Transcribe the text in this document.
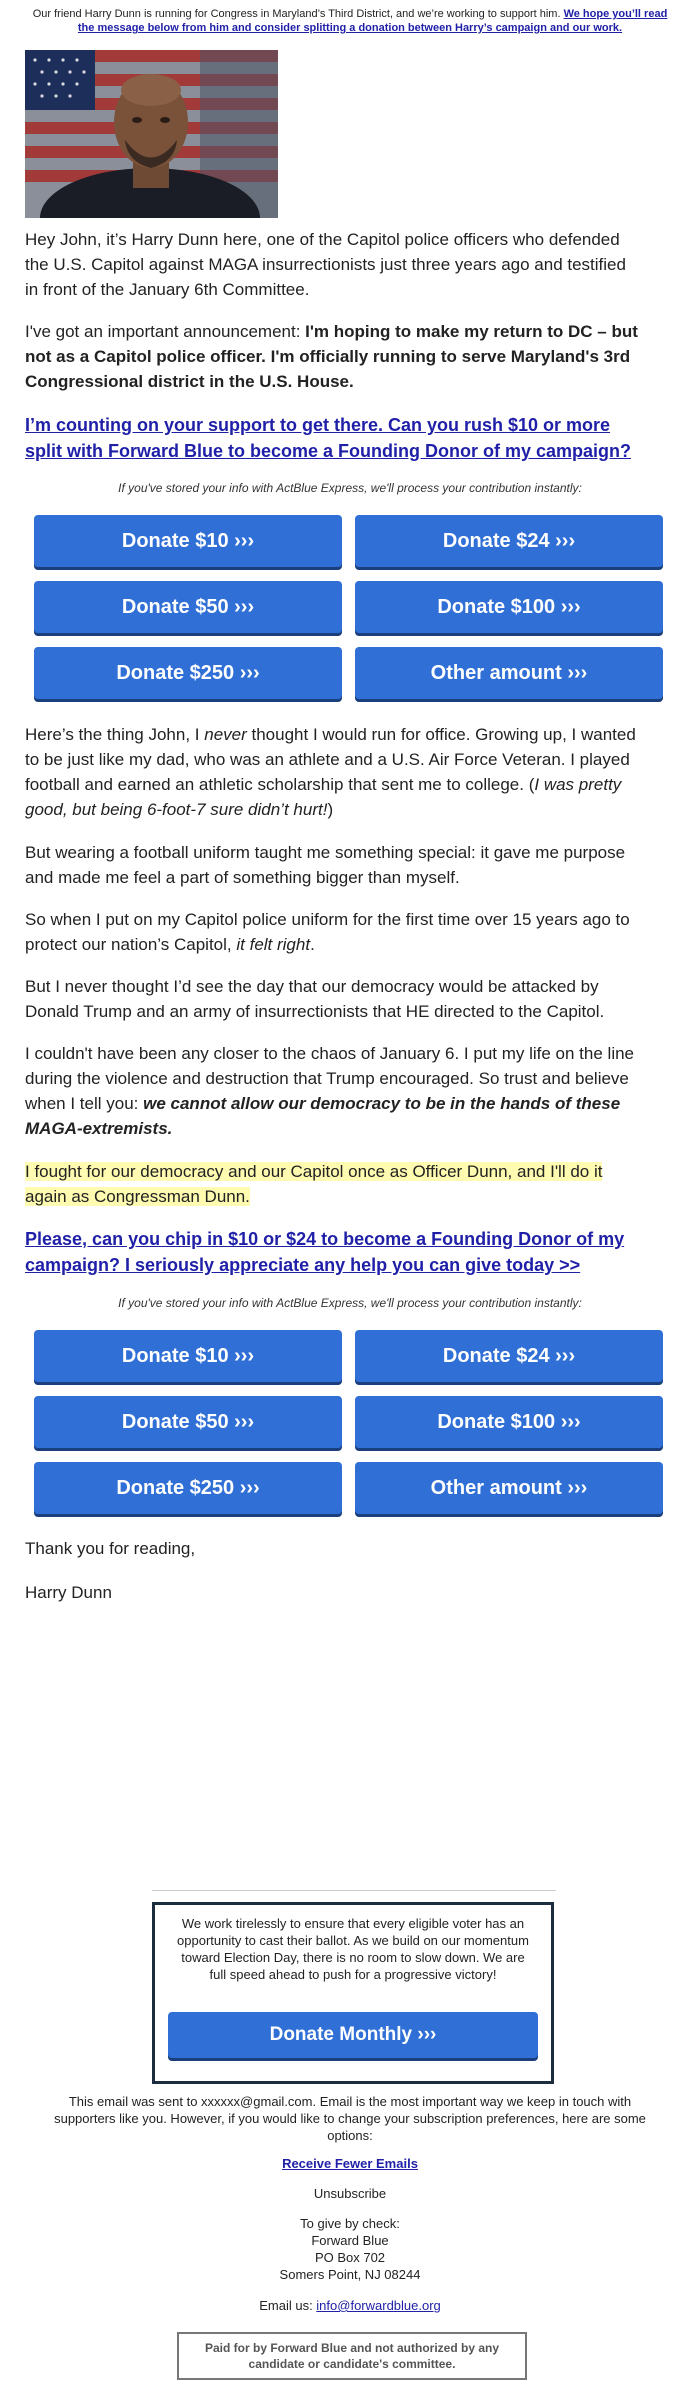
Our friend Harry Dunn is running for Congress in Maryland’s Third District, and we’re working to support him. We hope you’ll read the message below from him and consider splitting a donation between Harry’s campaign and our work.

Hey John, it’s Harry Dunn here, one of the Capitol police officers who defended the U.S. Capitol against MAGA insurrectionists just three years ago and testified in front of the January 6th Committee.

I've got an important announcement: I'm hoping to make my return to DC – but not as a Capitol police officer. I'm officially running to serve Maryland's 3rd Congressional district in the U.S. House.

I’m counting on your support to get there. Can you rush $10 or more split with Forward Blue to become a Founding Donor of my campaign?

If you've stored your info with ActBlue Express, we'll process your contribution instantly:
Donate $10 ›››	Donate $24 ›››
Donate $50 ›››	Donate $100 ›››
Donate $250 ›››	Other amount ›››

Here’s the thing John, I never thought I would run for office. Growing up, I wanted to be just like my dad, who was an athlete and a U.S. Air Force Veteran. I played football and earned an athletic scholarship that sent me to college. (I was pretty good, but being 6-foot-7 sure didn’t hurt!)

But wearing a football uniform taught me something special: it gave me purpose and made me feel a part of something bigger than myself.

So when I put on my Capitol police uniform for the first time over 15 years ago to protect our nation’s Capitol, it felt right.

But I never thought I’d see the day that our democracy would be attacked by Donald Trump and an army of insurrectionists that HE directed to the Capitol.

I couldn't have been any closer to the chaos of January 6. I put my life on the line during the violence and destruction that Trump encouraged. So trust and believe when I tell you: we cannot allow our democracy to be in the hands of these MAGA-extremists.

I fought for our democracy and our Capitol once as Officer Dunn, and I'll do it again as Congressman Dunn.

Please, can you chip in $10 or $24 to become a Founding Donor of my campaign? I seriously appreciate any help you can give today >>

If you've stored your info with ActBlue Express, we'll process your contribution instantly:
Donate $10 ›››	Donate $24 ›››
Donate $50 ›››	Donate $100 ›››
Donate $250 ›››	Other amount ›››

Thank you for reading,

Harry Dunn

We work tirelessly to ensure that every eligible voter has an opportunity to cast their ballot. As we build on our momentum toward Election Day, there is no room to slow down. We are full speed ahead to push for a progressive victory!

Donate Monthly ›››
This email was sent to xxxxxx@gmail.com. Email is the most important way we keep in touch with supporters like you. However, if you would like to change your subscription preferences, here are some options:
Receive Fewer Emails
Unsubscribe
To give by check:
Forward Blue
PO Box 702
Somers Point, NJ 08244
Email us: info@forwardblue.org
Paid for by Forward Blue and not authorized by any candidate or candidate's committee.
